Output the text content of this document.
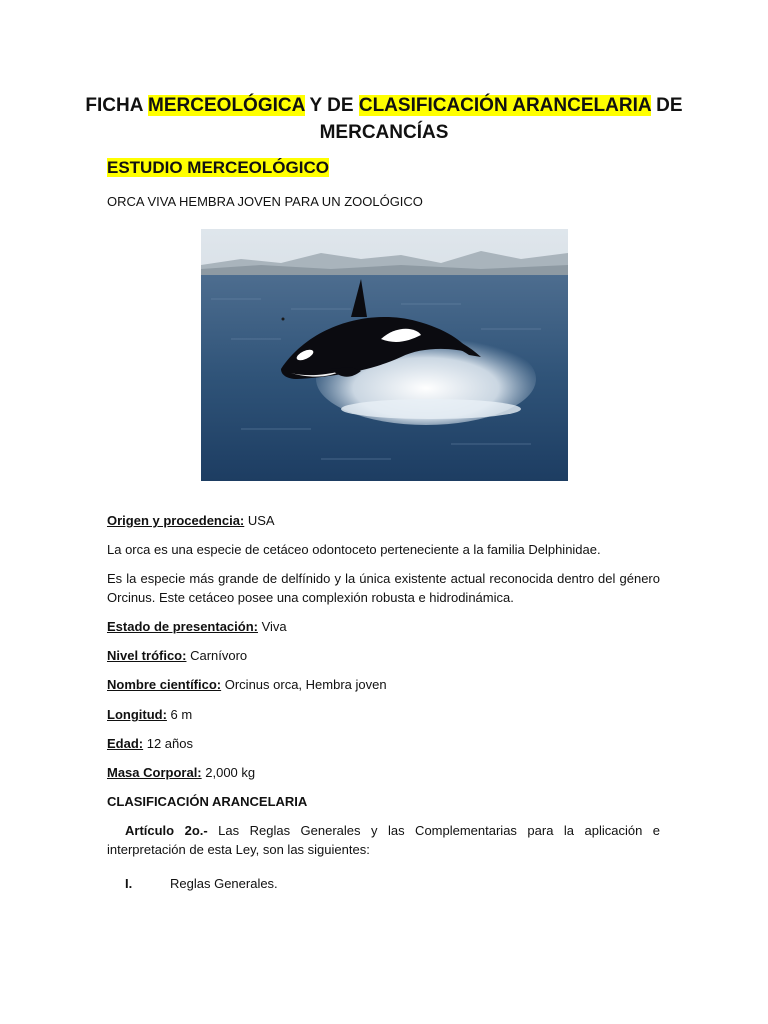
FICHA MERCEOLÓGICA Y DE CLASIFICACIÓN ARANCELARIA DE MERCANCÍAS
ESTUDIO MERCEOLÓGICO

ORCA VIVA HEMBRA JOVEN PARA UN ZOOLÓGICO

Origen y procedencia: USA

La orca es una especie de cetáceo odontoceto perteneciente a la familia Delphinidae.

Es la especie más grande de delfínido y la única existente actual reconocida dentro del género Orcinus. Este cetáceo posee una complexión robusta e hidrodinámica.

Estado de presentación: Viva

Nivel trófico: Carnívoro

Nombre científico: Orcinus orca, Hembra joven

Longitud: 6 m

Edad: 12 años

Masa Corporal: 2,000 kg

CLASIFICACIÓN ARANCELARIA

Artículo 2o.- Las Reglas Generales y las Complementarias para la aplicación e interpretación de esta Ley, son las siguientes:

I.	Reglas Generales.
